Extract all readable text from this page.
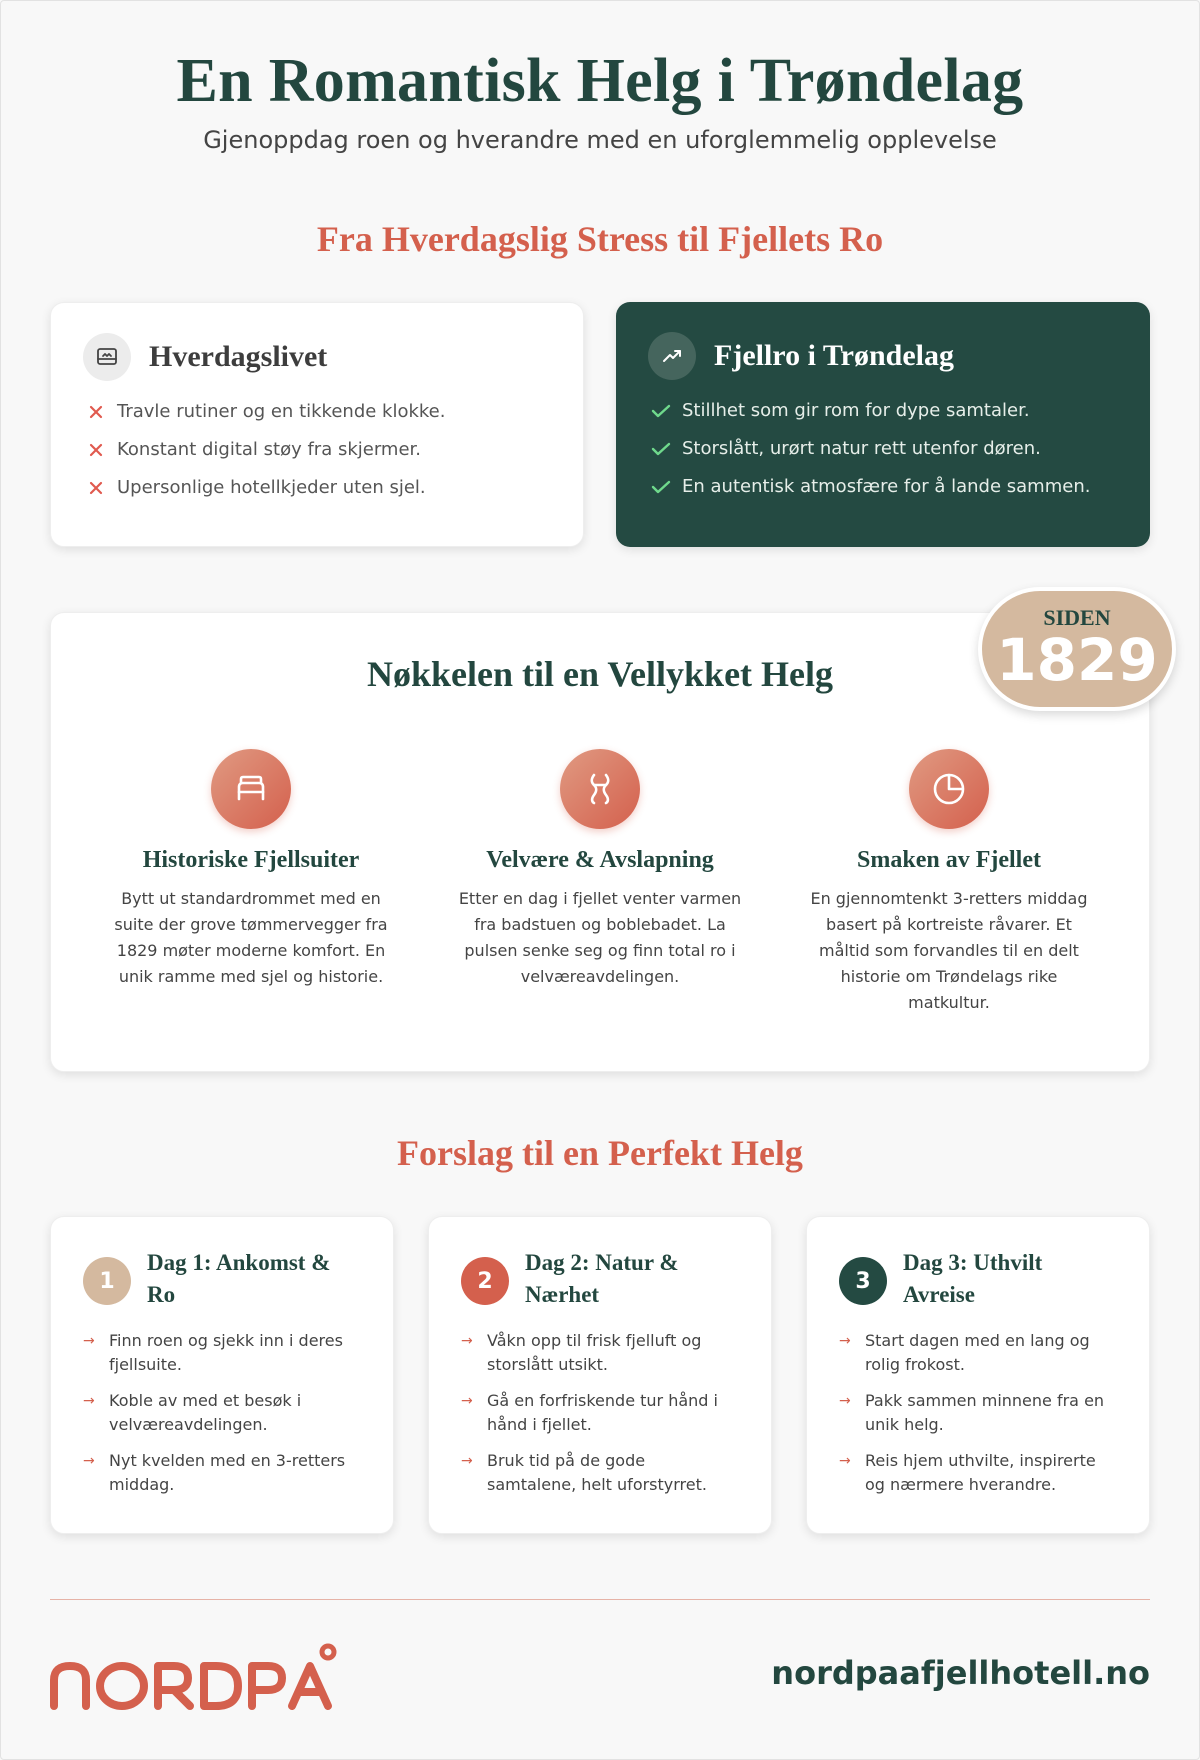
En Romantisk Helg i Trøndelag

Gjenoppdag roen og hverandre med en uforglemmelig opplevelse

Fra Hverdagslig Stress til Fjellets Ro
Hverdagslivet
Travle rutiner og en tikkende klokke.
Konstant digital støy fra skjermer.
Upersonlige hotellkjeder uten sjel.
Fjellro i Trøndelag
Stillhet som gir rom for dype samtaler.
Storslått, urørt natur rett utenfor døren.
En autentisk atmosfære for å lande sammen.
Nøkkelen til en Vellykket Helg
Historiske Fjellsuiter
Bytt ut standardrommet med en suite der grove tømmervegger fra 1829 møter moderne komfort. En unik ramme med sjel og historie.
Velvære & Avslapning
Etter en dag i fjellet venter varmen fra badstuen og boblebadet. La pulsen senke seg og finn total ro i velværeavdelingen.
Smaken av Fjellet
En gjennomtenkt 3-retters middag basert på kortreiste råvarer. Et måltid som forvandles til en delt historie om Trøndelags rike matkultur.
SIDEN
1829
Forslag til en Perfekt Helg
1
Dag 1: Ankomst & Ro
→ Finn roen og sjekk inn i deres fjellsuite.
→ Koble av med et besøk i velværeavdelingen.
→ Nyt kvelden med en 3-retters middag.
2
Dag 2: Natur & Nærhet
→ Våkn opp til frisk fjelluft og storslått utsikt.
→ Gå en forfriskende tur hånd i hånd i fjellet.
→ Bruk tid på de gode samtalene, helt uforstyrret.
3
Dag 3: Uthvilt Avreise
→ Start dagen med en lang og rolig frokost.
→ Pakk sammen minnene fra en unik helg.
→ Reis hjem uthvilte, inspirerte og nærmere hverandre.
nordpaafjellhotell.no
